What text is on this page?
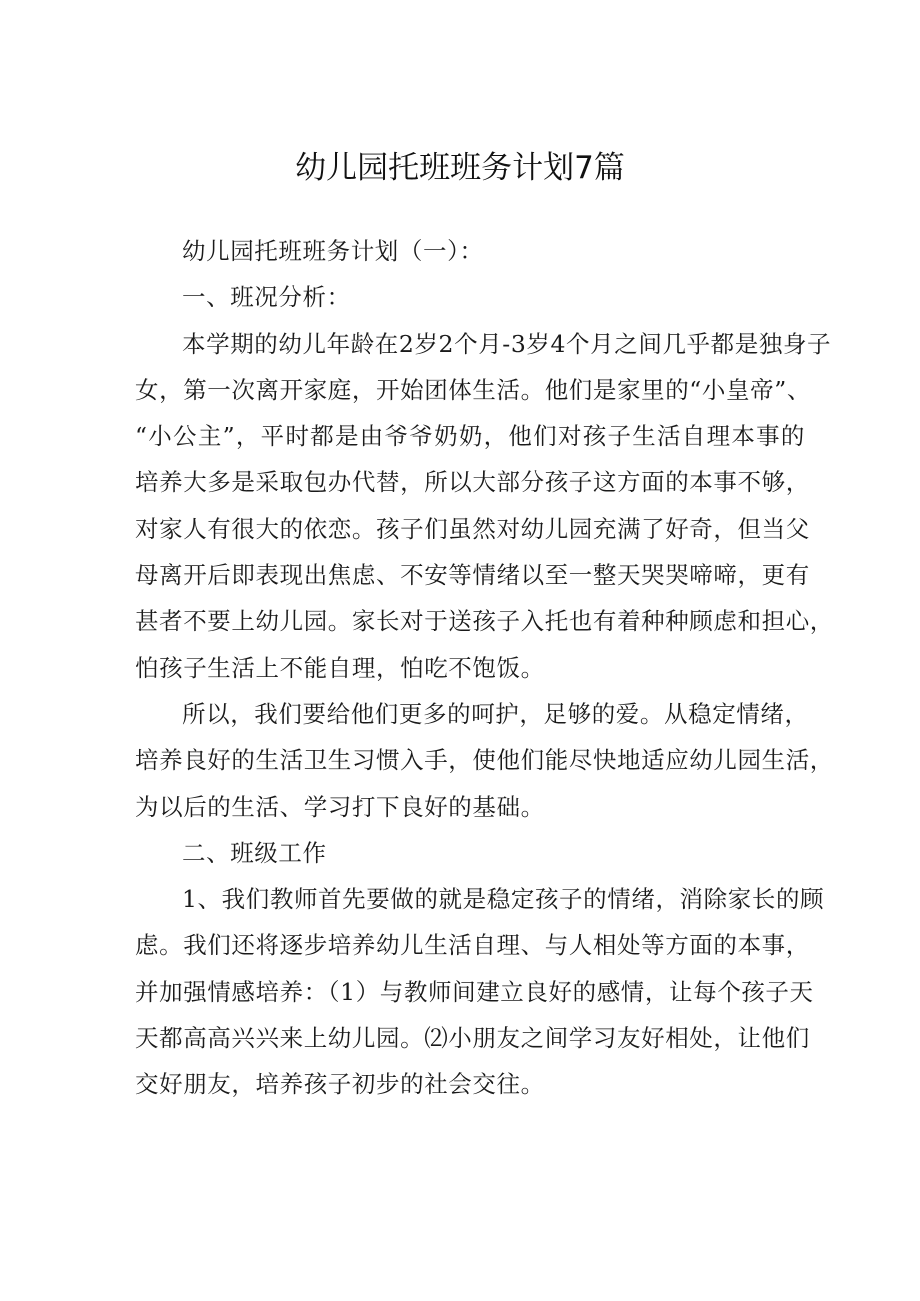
幼儿园托班班务计划7篇
幼儿园托班班务计划（一）：
一、班况分析：
本学期的幼儿年龄在2岁2个月-3岁4个月之间几乎都是独身子
女，第一次离开家庭，开始团体生活。他们是家里的“小皇帝”、
“小公主”，平时都是由爷爷奶奶，他们对孩子生活自理本事的
培养大多是采取包办代替，所以大部分孩子这方面的本事不够，
对家人有很大的依恋。孩子们虽然对幼儿园充满了好奇，但当父
母离开后即表现出焦虑、不安等情绪以至一整天哭哭啼啼，更有
甚者不要上幼儿园。家长对于送孩子入托也有着种种顾虑和担心，
怕孩子生活上不能自理，怕吃不饱饭。
所以，我们要给他们更多的呵护，足够的爱。从稳定情绪，
培养良好的生活卫生习惯入手，使他们能尽快地适应幼儿园生活，
为以后的生活、学习打下良好的基础。
二、班级工作
1、我们教师首先要做的就是稳定孩子的情绪，消除家长的顾
虑。我们还将逐步培养幼儿生活自理、与人相处等方面的本事，
并加强情感培养：（1）与教师间建立良好的感情，让每个孩子天
天都高高兴兴来上幼儿园。⑵小朋友之间学习友好相处，让他们
交好朋友，培养孩子初步的社会交往。
